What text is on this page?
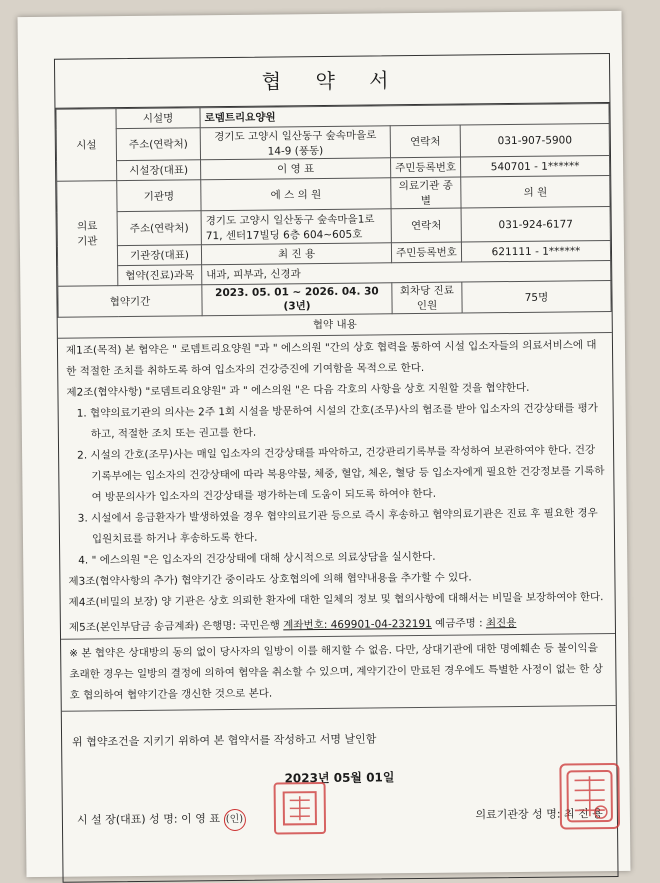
협 약 서
시설	시설명	로뎀트리요양원		
	주소(연락처)	경기도 고양시 일산동구 숲속마을로 14-9 (풍동)	연락처	031-907-5900
	시설장(대표)	이 영 표	주민등록번호	540701 - 1******
의료
기관	기관명	에 스 의 원	의료기관 종별	의 원
	주소(연락처)	경기도 고양시 일산동구 숲속마을1로 71, 센터17빌딩 6층 604~605호	연락처	031-924-6177
	기관장(대표)	최 진 용	주민등록번호	621111 - 1******
	협약(진료)과목	내과, 피부과, 신경과		
협약기간		2023. 05. 01 ~ 2026. 04. 30
(3년)	회차당 진료인원	75명
협약 내용

제1조(목적) 본 협약은 " 로뎀트리요양원 "과 " 에스의원 "간의 상호 협력을 통하여 시설 입소자들의 의료서비스에 대한 적절한 조치를 취하도록 하여 입소자의 건강증진에 기여함을 목적으로 한다.

제2조(협약사항) "로뎀트리요양원" 과 " 에스의원 "은 다음 각호의 사항을 상호 지원할 것을 협약한다.

1. 협약의료기관의 의사는 2주 1회 시설을 방문하여 시설의 간호(조무)사의 협조를 받아 입소자의 건강상태를 평가하고, 적절한 조치 또는 권고를 한다.

2. 시설의 간호(조무)사는 매일 입소자의 건강상태를 파악하고, 건강관리기록부를 작성하여 보관하여야 한다. 건강기록부에는 입소자의 건강상태에 따라 복용약물, 체중, 혈압, 체온, 혈당 등 입소자에게 필요한 건강정보를 기록하여 방문의사가 입소자의 건강상태를 평가하는데 도움이 되도록 하여야 한다.

3. 시설에서 응급환자가 발생하였을 경우 협약의료기관 등으로 즉시 후송하고 협약의료기관은 진료 후 필요한 경우 입원치료를 하거나 후송하도록 한다.

4. " 에스의원 "은 입소자의 건강상태에 대해 상시적으로 의료상담을 실시한다.

제3조(협약사항의 추가) 협약기간 중이라도 상호협의에 의해 협약내용을 추가할 수 있다.

제4조(비밀의 보장) 양 기관은 상호 의뢰한 환자에 대한 일체의 정보 및 협의사항에 대해서는 비밀을 보장하여야 한다.

제5조(본인부담금 송금계좌) 은행명: 국민은행 계좌번호: 469901-04-232191 예금주명 : 최진용

※ 본 협약은 상대방의 동의 없이 당사자의 일방이 이를 해지할 수 없음. 다만, 상대기관에 대한 명예훼손 등 불이익을 초래한 경우는 일방의 결정에 의하여 협약을 취소할 수 있으며, 계약기간이 만료된 경우에도 특별한 사정이 없는 한 상호 협의하여 협약기간을 갱신한 것으로 본다.
위 협약조건을 지키기 위하여 본 협약서를 작성하고 서명 날인함
2023년 05월 01일
시 설 장(대표) 성 명: 이 영 표 (인)	의료기관장 성 명: 최 진 용
